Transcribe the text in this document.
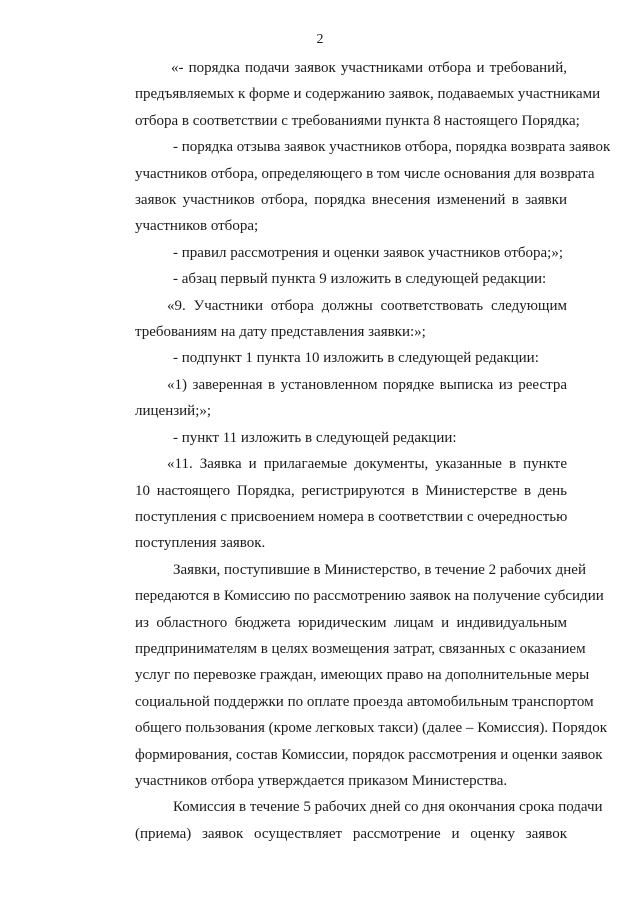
2
«- порядка подачи заявок участниками отбора и требований,
предъявляемых к форме и содержанию заявок, подаваемых участниками
отбора в соответствии с требованиями пункта 8 настоящего Порядка;
- порядка отзыва заявок участников отбора, порядка возврата заявок
участников отбора, определяющего в том числе основания для возврата
заявок участников отбора, порядка внесения изменений в заявки
участников отбора;
- правил рассмотрения и оценки заявок участников отбора;»;
- абзац первый пункта 9 изложить в следующей редакции:
«9. Участники отбора должны соответствовать следующим
требованиям на дату представления заявки:»;
- подпункт 1 пункта 10 изложить в следующей редакции:
«1) заверенная в установленном порядке выписка из реестра
лицензий;»;
- пункт 11 изложить в следующей редакции:
«11. Заявка и прилагаемые документы, указанные в пункте
10 настоящего Порядка, регистрируются в Министерстве в день
поступления с присвоением номера в соответствии с очередностью
поступления заявок.
Заявки, поступившие в Министерство, в течение 2 рабочих дней
передаются в Комиссию по рассмотрению заявок на получение субсидии
из областного бюджета юридическим лицам и индивидуальным
предпринимателям в целях возмещения затрат, связанных с оказанием
услуг по перевозке граждан, имеющих право на дополнительные меры
социальной поддержки по оплате проезда автомобильным транспортом
общего пользования (кроме легковых такси) (далее – Комиссия). Порядок
формирования, состав Комиссии, порядок рассмотрения и оценки заявок
участников отбора утверждается приказом Министерства.
Комиссия в течение 5 рабочих дней со дня окончания срока подачи
(приема) заявок осуществляет рассмотрение и оценку заявок
